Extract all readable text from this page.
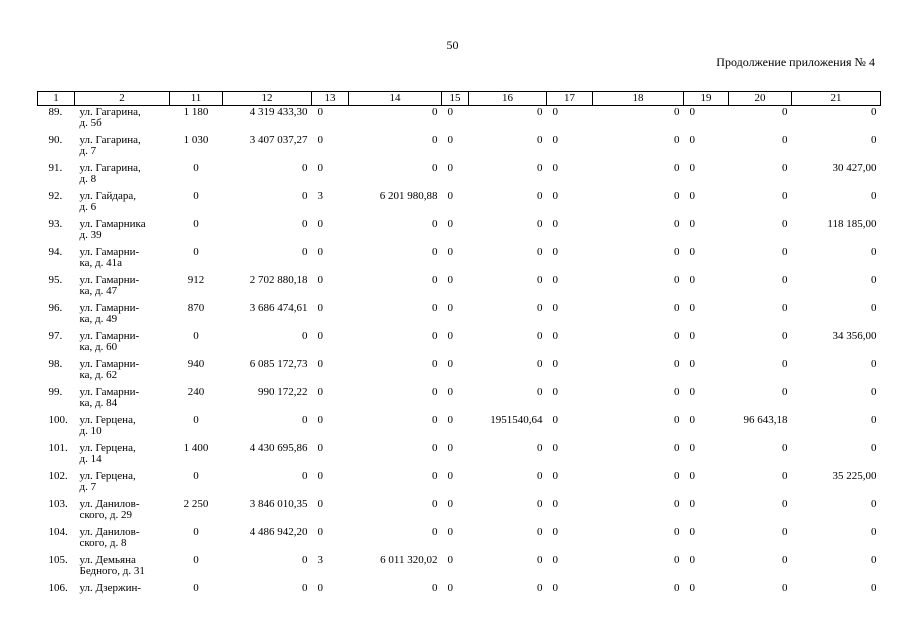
50
Продолжение приложения № 4
1	2	11	12	13	14	15	16	17	18	19	20	21
89.	ул. Гагарина,
д. 5б	1 180	4 319 433,30	0	0	0	0	0	0	0	0	0
90.	ул. Гагарина,
д. 7	1 030	3 407 037,27	0	0	0	0	0	0	0	0	0
91.	ул. Гагарина,
д. 8	0	0	0	0	0	0	0	0	0	0	30 427,00
92.	ул. Гайдара,
д. 6	0	0	3	6 201 980,88	0	0	0	0	0	0	0
93.	ул. Гамарника
д. 39	0	0	0	0	0	0	0	0	0	0	118 185,00
94.	ул. Гамарни-
ка, д. 41а	0	0	0	0	0	0	0	0	0	0	0
95.	ул. Гамарни-
ка, д. 47	912	2 702 880,18	0	0	0	0	0	0	0	0	0
96.	ул. Гамарни-
ка, д. 49	870	3 686 474,61	0	0	0	0	0	0	0	0	0
97.	ул. Гамарни-
ка, д. 60	0	0	0	0	0	0	0	0	0	0	34 356,00
98.	ул. Гамарни-
ка, д. 62	940	6 085 172,73	0	0	0	0	0	0	0	0	0
99.	ул. Гамарни-
ка, д. 84	240	990 172,22	0	0	0	0	0	0	0	0	0
100.	ул. Герцена,
д. 10	0	0	0	0	0	1951540,64	0	0	0	96 643,18	0
101.	ул. Герцена,
д. 14	1 400	4 430 695,86	0	0	0	0	0	0	0	0	0
102.	ул. Герцена,
д. 7	0	0	0	0	0	0	0	0	0	0	35 225,00
103.	ул. Данилов-
ского, д. 29	2 250	3 846 010,35	0	0	0	0	0	0	0	0	0
104.	ул. Данилов-
ского, д. 8	0	4 486 942,20	0	0	0	0	0	0	0	0	0
105.	ул. Демьяна
Бедного, д. 31	0	0	3	6 011 320,02	0	0	0	0	0	0	0
106.	ул. Дзержин-	0	0	0	0	0	0	0	0	0	0	0
